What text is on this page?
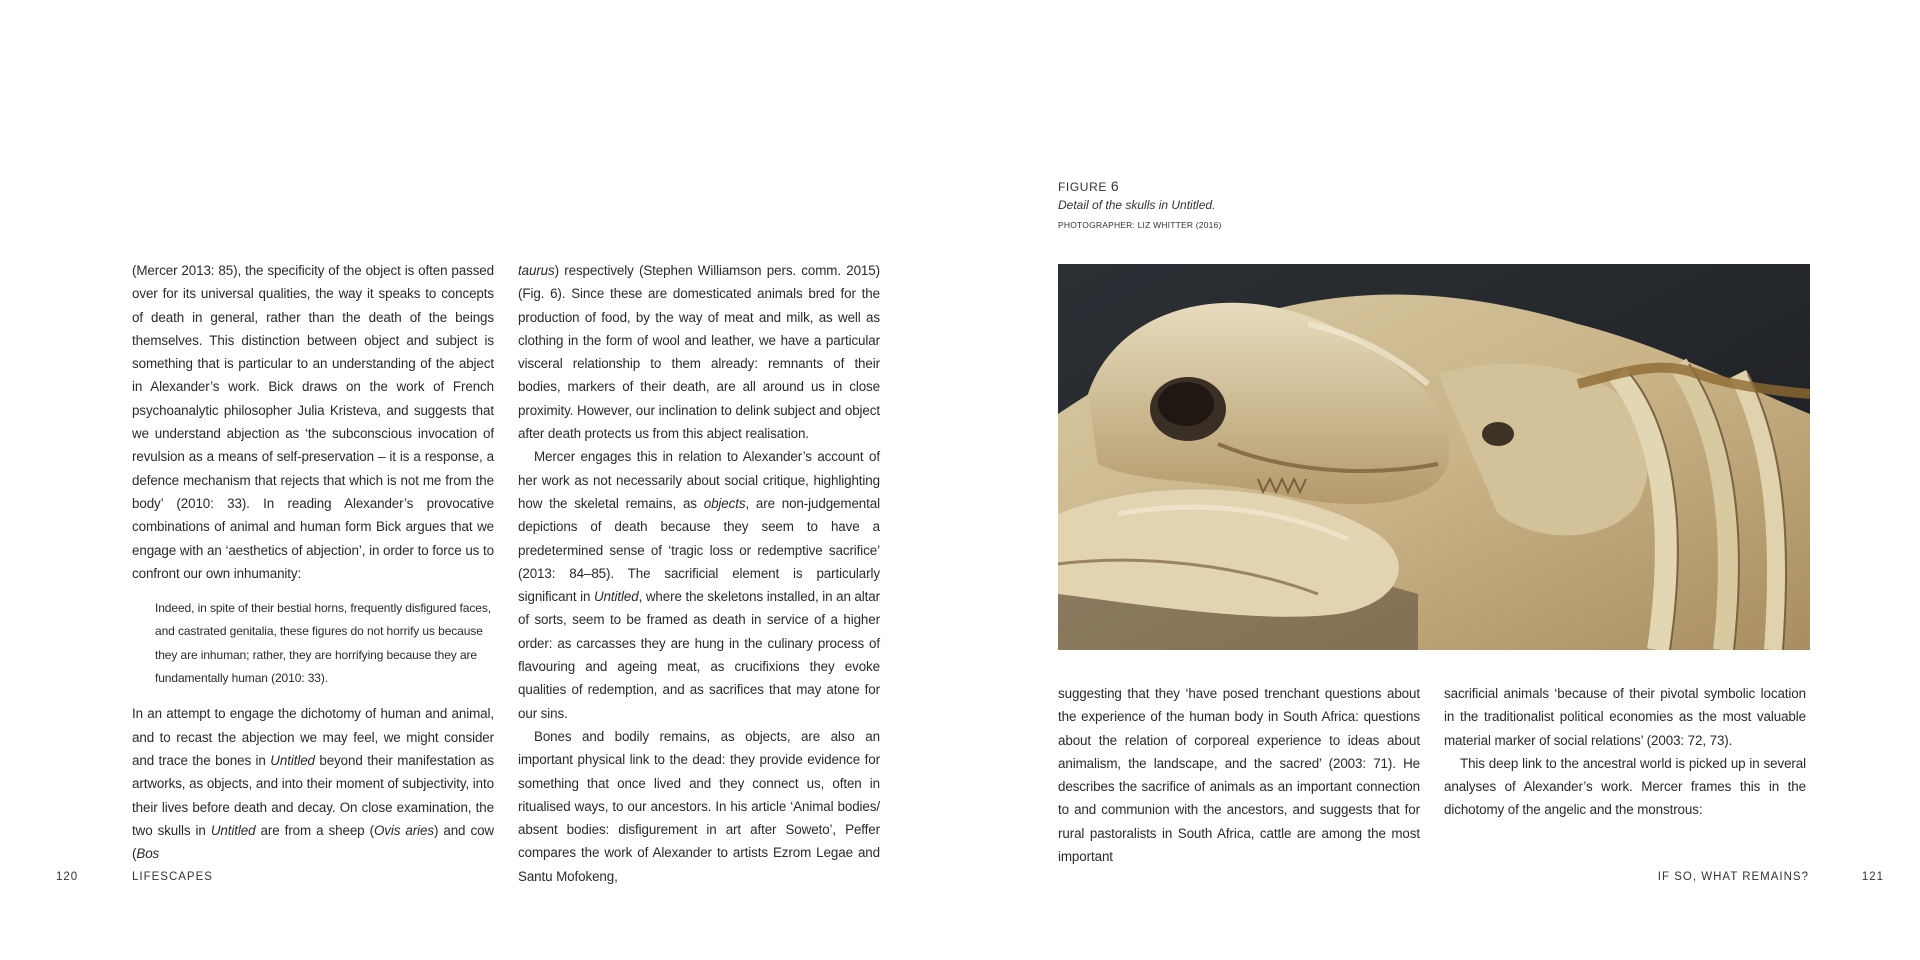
(Mercer 2013: 85), the specificity of the object is often passed over for its universal qualities, the way it speaks to concepts of death in general, rather than the death of the beings themselves. This distinction between object and subject is something that is particular to an understanding of the abject in Alexander’s work. Bick draws on the work of French psychoanalytic philosopher Julia Kristeva, and suggests that we understand abjection as ‘the subconscious invocation of revulsion as a means of self-preservation – it is a response, a defence mechanism that rejects that which is not me from the body’ (2010: 33). In reading Alexander’s provocative combinations of animal and human form Bick argues that we engage with an ‘aesthetics of abjection’, in order to force us to confront our own inhumanity:

Indeed, in spite of their bestial horns, frequently disfigured faces, and castrated genitalia, these figures do not horrify us because they are inhuman; rather, they are horrifying because they are fundamentally human (2010: 33).

In an attempt to engage the dichotomy of human and animal, and to recast the abjection we may feel, we might consider and trace the bones in Untitled beyond their manifestation as artworks, as objects, and into their moment of subjectivity, into their lives before death and decay. On close examination, the two skulls in Untitled are from a sheep (Ovis aries) and cow (Bos

taurus) respectively (Stephen Williamson pers. comm. 2015) (Fig. 6). Since these are domesticated animals bred for the production of food, by the way of meat and milk, as well as clothing in the form of wool and leather, we have a particular visceral relationship to them already: remnants of their bodies, markers of their death, are all around us in close proximity. However, our inclination to delink subject and object after death protects us from this abject realisation.

Mercer engages this in relation to Alexander’s account of her work as not necessarily about social critique, highlighting how the skeletal remains, as objects, are non-judgemental depictions of death because they seem to have a predetermined sense of ‘tragic loss or redemptive sacrifice’ (2013: 84–85). The sacrificial element is particularly significant in Untitled, where the skeletons installed, in an altar of sorts, seem to be framed as death in service of a higher order: as carcasses they are hung in the culinary process of flavouring and ageing meat, as crucifixions they evoke qualities of redemption, and as sacrifices that may atone for our sins.

Bones and bodily remains, as objects, are also an important physical link to the dead: they provide evidence for something that once lived and they connect us, often in ritualised ways, to our ancestors. In his article ‘Animal bodies/ absent bodies: disfigurement in art after Soweto’, Peffer compares the work of Alexander to artists Ezrom Legae and Santu Mofokeng,

120	LIFESCAPES
FIGURE 6
Detail of the skulls in Untitled.
PHOTOGRAPHER: LIZ WHITTER (2016)

suggesting that they ‘have posed trenchant questions about the experience of the human body in South Africa: questions about the relation of corporeal experience to ideas about animalism, the landscape, and the sacred’ (2003: 71). He describes the sacrifice of animals as an important connection to and communion with the ancestors, and suggests that for rural pastoralists in South Africa, cattle are among the most important

sacrificial animals ‘because of their pivotal symbolic location in the traditionalist political economies as the most valuable material marker of social relations’ (2003: 72, 73).

This deep link to the ancestral world is picked up in several analyses of Alexander’s work. Mercer frames this in the dichotomy of the angelic and the monstrous:

IF SO, WHAT REMAINS?	121
